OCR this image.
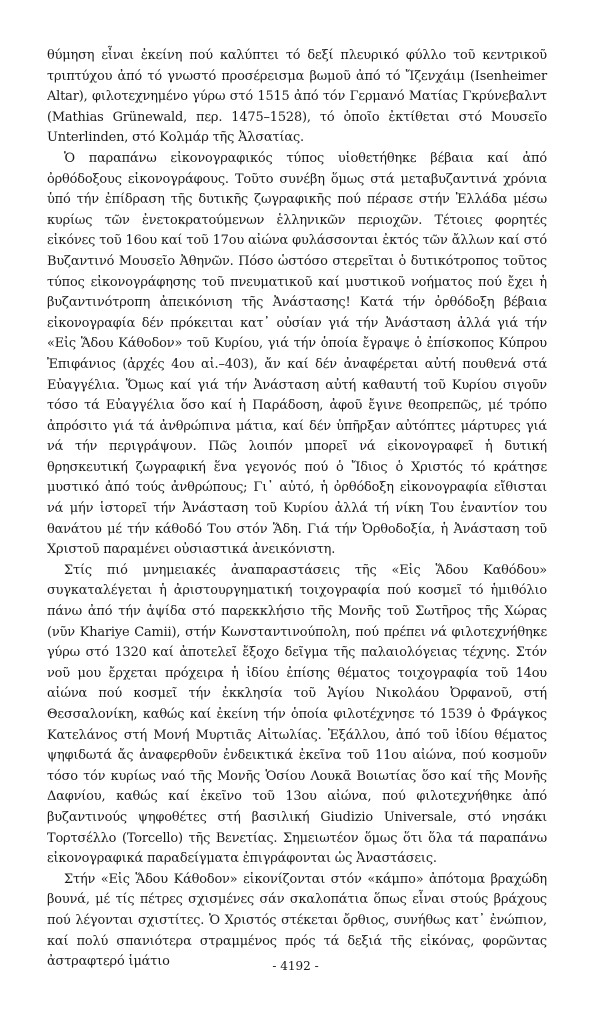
θύμηση εἶναι ἐκείνη πού καλύπτει τό δεξί πλευρικό φύλλο τοῦ κεντρικοῦ τριπτύχου ἀπό τό γνωστό προσέρεισμα βωμοῦ ἀπό τό Ἴζενχάιμ (Isenheimer Altar), φιλοτεχνημένο γύρω στό 1515 ἀπό τόν Γερμανό Ματίας Γκρύνεβαλντ (Mathias Grünewald, περ. 1475–1528), τό ὁποῖο ἐκτίθεται στό Μουσεῖο Unterlinden, στό Κολμάρ τῆς Ἀλσατίας.

Ὁ παραπάνω εἰκονογραφικός τύπος υἱοθετήθηκε βέβαια καί ἀπό ὀρθόδοξους εἰκονογράφους. Τοῦτο συνέβη ὅμως στά μεταβυζαντινά χρόνια ὑπό τήν ἐπίδραση τῆς δυτικῆς ζωγραφικῆς πού πέρασε στήν Ἑλλάδα μέσω κυρίως τῶν ἐνετοκρατούμενων ἑλληνικῶν περιοχῶν. Τέτοιες φορητές εἰκόνες τοῦ 16ου καί τοῦ 17ου αἰώνα φυλάσσονται ἐκτός τῶν ἄλλων καί στό Βυζαντινό Μουσεῖο Ἀθηνῶν. Πόσο ὡστόσο στερεῖται ὁ δυτικότροπος τοῦτος τύπος εἰκονογράφησης τοῦ πνευματικοῦ καί μυστικοῦ νοήματος πού ἔχει ἡ βυζαντινότροπη ἀπεικόνιση τῆς Ἀνάστασης! Κατά τήν ὀρθόδοξη βέβαια εἰκονογραφία δέν πρόκειται κατ᾽ οὐσίαν γιά τήν Ἀνάσταση ἀλλά γιά τήν «Εἰς Ἅδου Κάθοδον» τοῦ Κυρίου, γιά τήν ὁποία ἔγραψε ὁ ἐπίσκοπος Κύπρου Ἐπιφάνιος (ἀρχές 4ου αἰ.–403), ἄν καί δέν ἀναφέρεται αὐτή πουθενά στά Εὐαγγέλια. Ὅμως καί γιά τήν Ἀνάσταση αὐτή καθαυτή τοῦ Κυρίου σιγοῦν τόσο τά Εὐαγγέλια ὅσο καί ἡ Παράδοση, ἀφοῦ ἔγινε θεοπρεπῶς, μέ τρόπο ἀπρόσιτο γιά τά ἀνθρώπινα μάτια, καί δέν ὑπῆρξαν αὐτόπτες μάρτυρες γιά νά τήν περιγράψουν. Πῶς λοιπόν μπορεῖ νά εἰκονογραφεῖ ἡ δυτική θρησκευτική ζωγραφική ἕνα γεγονός πού ὁ Ἴδιος ὁ Χριστός τό κράτησε μυστικό ἀπό τούς ἀνθρώπους; Γι᾽ αὐτό, ἡ ὀρθόδοξη εἰκονογραφία εἴθισται νά μήν ἱστορεῖ τήν Ἀνάσταση τοῦ Κυρίου ἀλλά τή νίκη Του ἐναντίον του θανάτου μέ τήν κάθοδό Του στόν Ἅδη. Γιά τήν Ὀρθοδοξία, ἡ Ἀνάσταση τοῦ Χριστοῦ παραμένει οὐσιαστικά ἀνεικόνιστη.

Στίς πιό μνημειακές ἀναπαραστάσεις τῆς «Εἰς Ἅδου Καθόδου» συγκαταλέγεται ἡ ἀριστουργηματική τοιχογραφία πού κοσμεῖ τό ἡμιθόλιο πάνω ἀπό τήν ἁψίδα στό παρεκκλήσιο τῆς Μονῆς τοῦ Σωτῆρος τῆς Χώρας (νῦν Khariye Camii), στήν Κωνσταντινούπολη, πού πρέπει νά φιλοτεχνήθηκε γύρω στό 1320 καί ἀποτελεῖ ἔξοχο δεῖγμα τῆς παλαιολόγειας τέχνης. Στόν νοῦ μου ἔρχεται πρόχειρα ἡ ἰδίου ἐπίσης θέματος τοιχογραφία τοῦ 14ου αἰώνα πού κοσμεῖ τήν ἐκκλησία τοῦ Ἁγίου Νικολάου Ὀρφανοῦ, στή Θεσσαλονίκη, καθώς καί ἐκείνη τήν ὁποία φιλοτέχνησε τό 1539 ὁ Φράγκος Κατελάνος στή Μονή Μυρτιᾶς Αἰτωλίας. Ἐξάλλου, ἀπό τοῦ ἰδίου θέματος ψηφιδωτά ἄς ἀναφερθοῦν ἐνδεικτικά ἐκεῖνα τοῦ 11ου αἰώνα, πού κοσμοῦν τόσο τόν κυρίως ναό τῆς Μονῆς Ὁσίου Λουκᾶ Βοιωτίας ὅσο καί τῆς Μονῆς Δαφνίου, καθώς καί ἐκεῖνο τοῦ 13ου αἰώνα, πού φιλοτεχνήθηκε ἀπό βυζαντινούς ψηφοθέτες στή βασιλική Giudizio Universale, στό νησάκι Τορτσέλλο (Torcello) τῆς Βενετίας. Σημειωτέον ὅμως ὅτι ὅλα τά παραπάνω εἰκονογραφικά παραδείγματα ἐπιγράφονται ὡς Ἀναστάσεις.

Στήν «Εἰς Ἅδου Κάθοδον» εἰκονίζονται στόν «κάμπο» ἀπότομα βραχώδη βουνά, μέ τίς πέτρες σχισμένες σάν σκαλοπάτια ὅπως εἶναι στούς βράχους πού λέγονται σχιστίτες. Ὁ Χριστός στέκεται ὄρθιος, συνήθως κατ᾽ ἐνώπιον, καί πολύ σπανιότερα στραμμένος πρός τά δεξιά τῆς εἰκόνας, φορῶντας ἀστραφτερό ἱμάτιο	- 4192 -
